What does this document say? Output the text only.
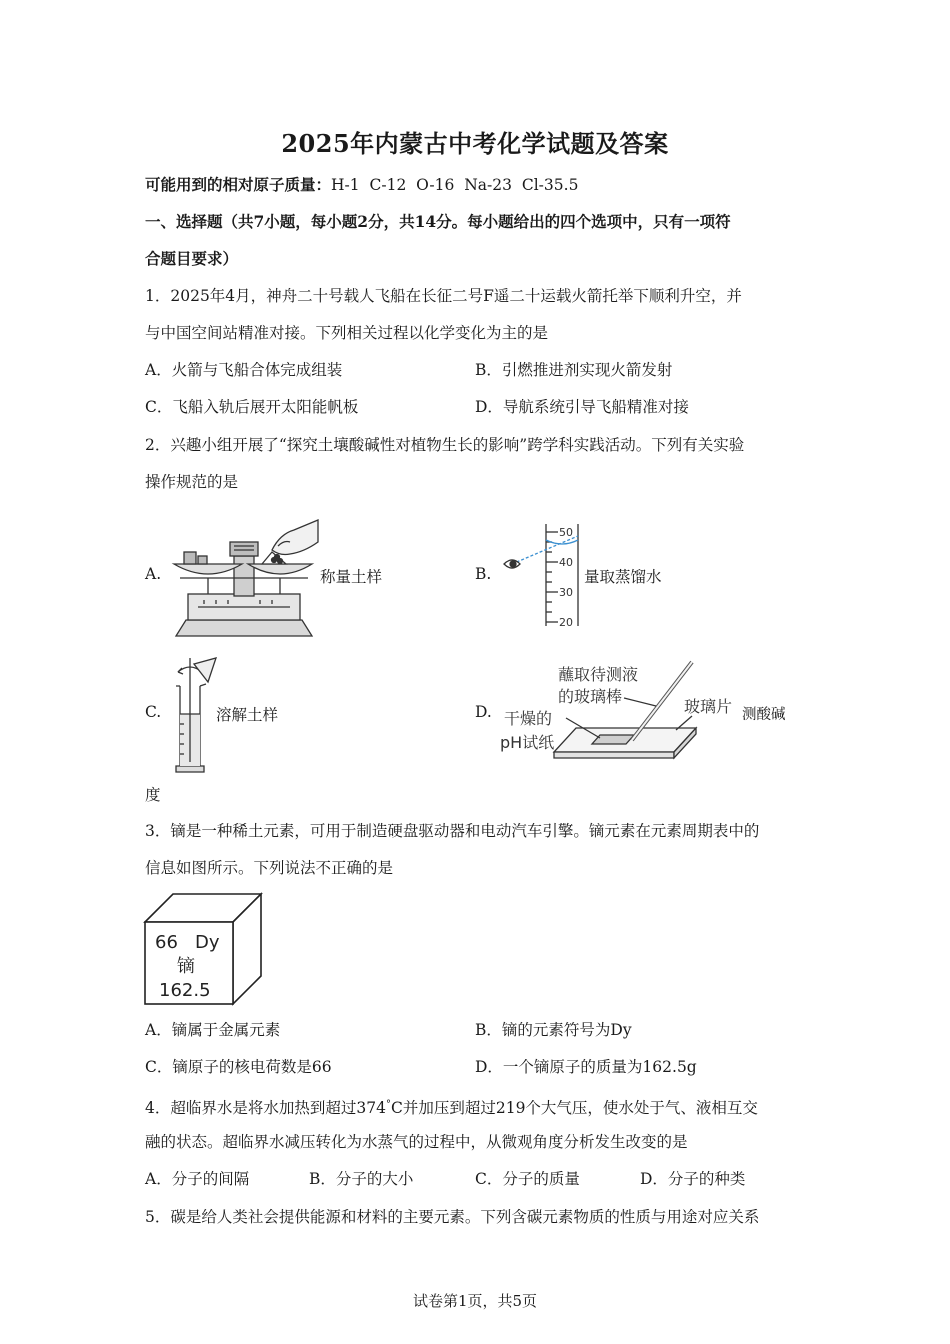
2025年内蒙古中考化学试题及答案
可能用到的相对原子质量：H-1  C-12  O-16  Na-23  Cl-35.5
一、选择题（共7小题，每小题2分，共14分。每小题给出的四个选项中，只有一项符
合题目要求）
1．2025年4月，神舟二十号载人飞船在长征二号F遥二十运载火箭托举下顺利升空，并
与中国空间站精准对接。下列相关过程以化学变化为主的是
A．火箭与飞船合体完成组装	B．引燃推进剂实现火箭发射
C．飞船入轨后展开太阳能帆板	D．导航系统引导飞船精准对接
2．兴趣小组开展了“探究土壤酸碱性对植物生长的影响”跨学科实践活动。下列有关实验
操作规范的是
A.	称量土样	B.
50
40
30
20
量取蒸馏水
C.	溶解土样	D.
蘸取待测液
的玻璃棒
玻璃片
干燥的
pH试纸
测酸碱
度
3．镝是一种稀土元素，可用于制造硬盘驱动器和电动汽车引擎。镝元素在元素周期表中的
信息如图所示。下列说法不正确的是
66 Dy
镝
162.5
A．镝属于金属元素	B．镝的元素符号为Dy
C．镝原子的核电荷数是66	D．一个镝原子的质量为162.5g
4．超临界水是将水加热到超过374°C并加压到超过219个大气压，使水处于气、液相互交
融的状态。超临界水减压转化为水蒸气的过程中，从微观角度分析发生改变的是
A．分子的间隔	B．分子的大小	C．分子的质量	D．分子的种类
5．碳是给人类社会提供能源和材料的主要元素。下列含碳元素物质的性质与用途对应关系
试卷第1页，共5页
